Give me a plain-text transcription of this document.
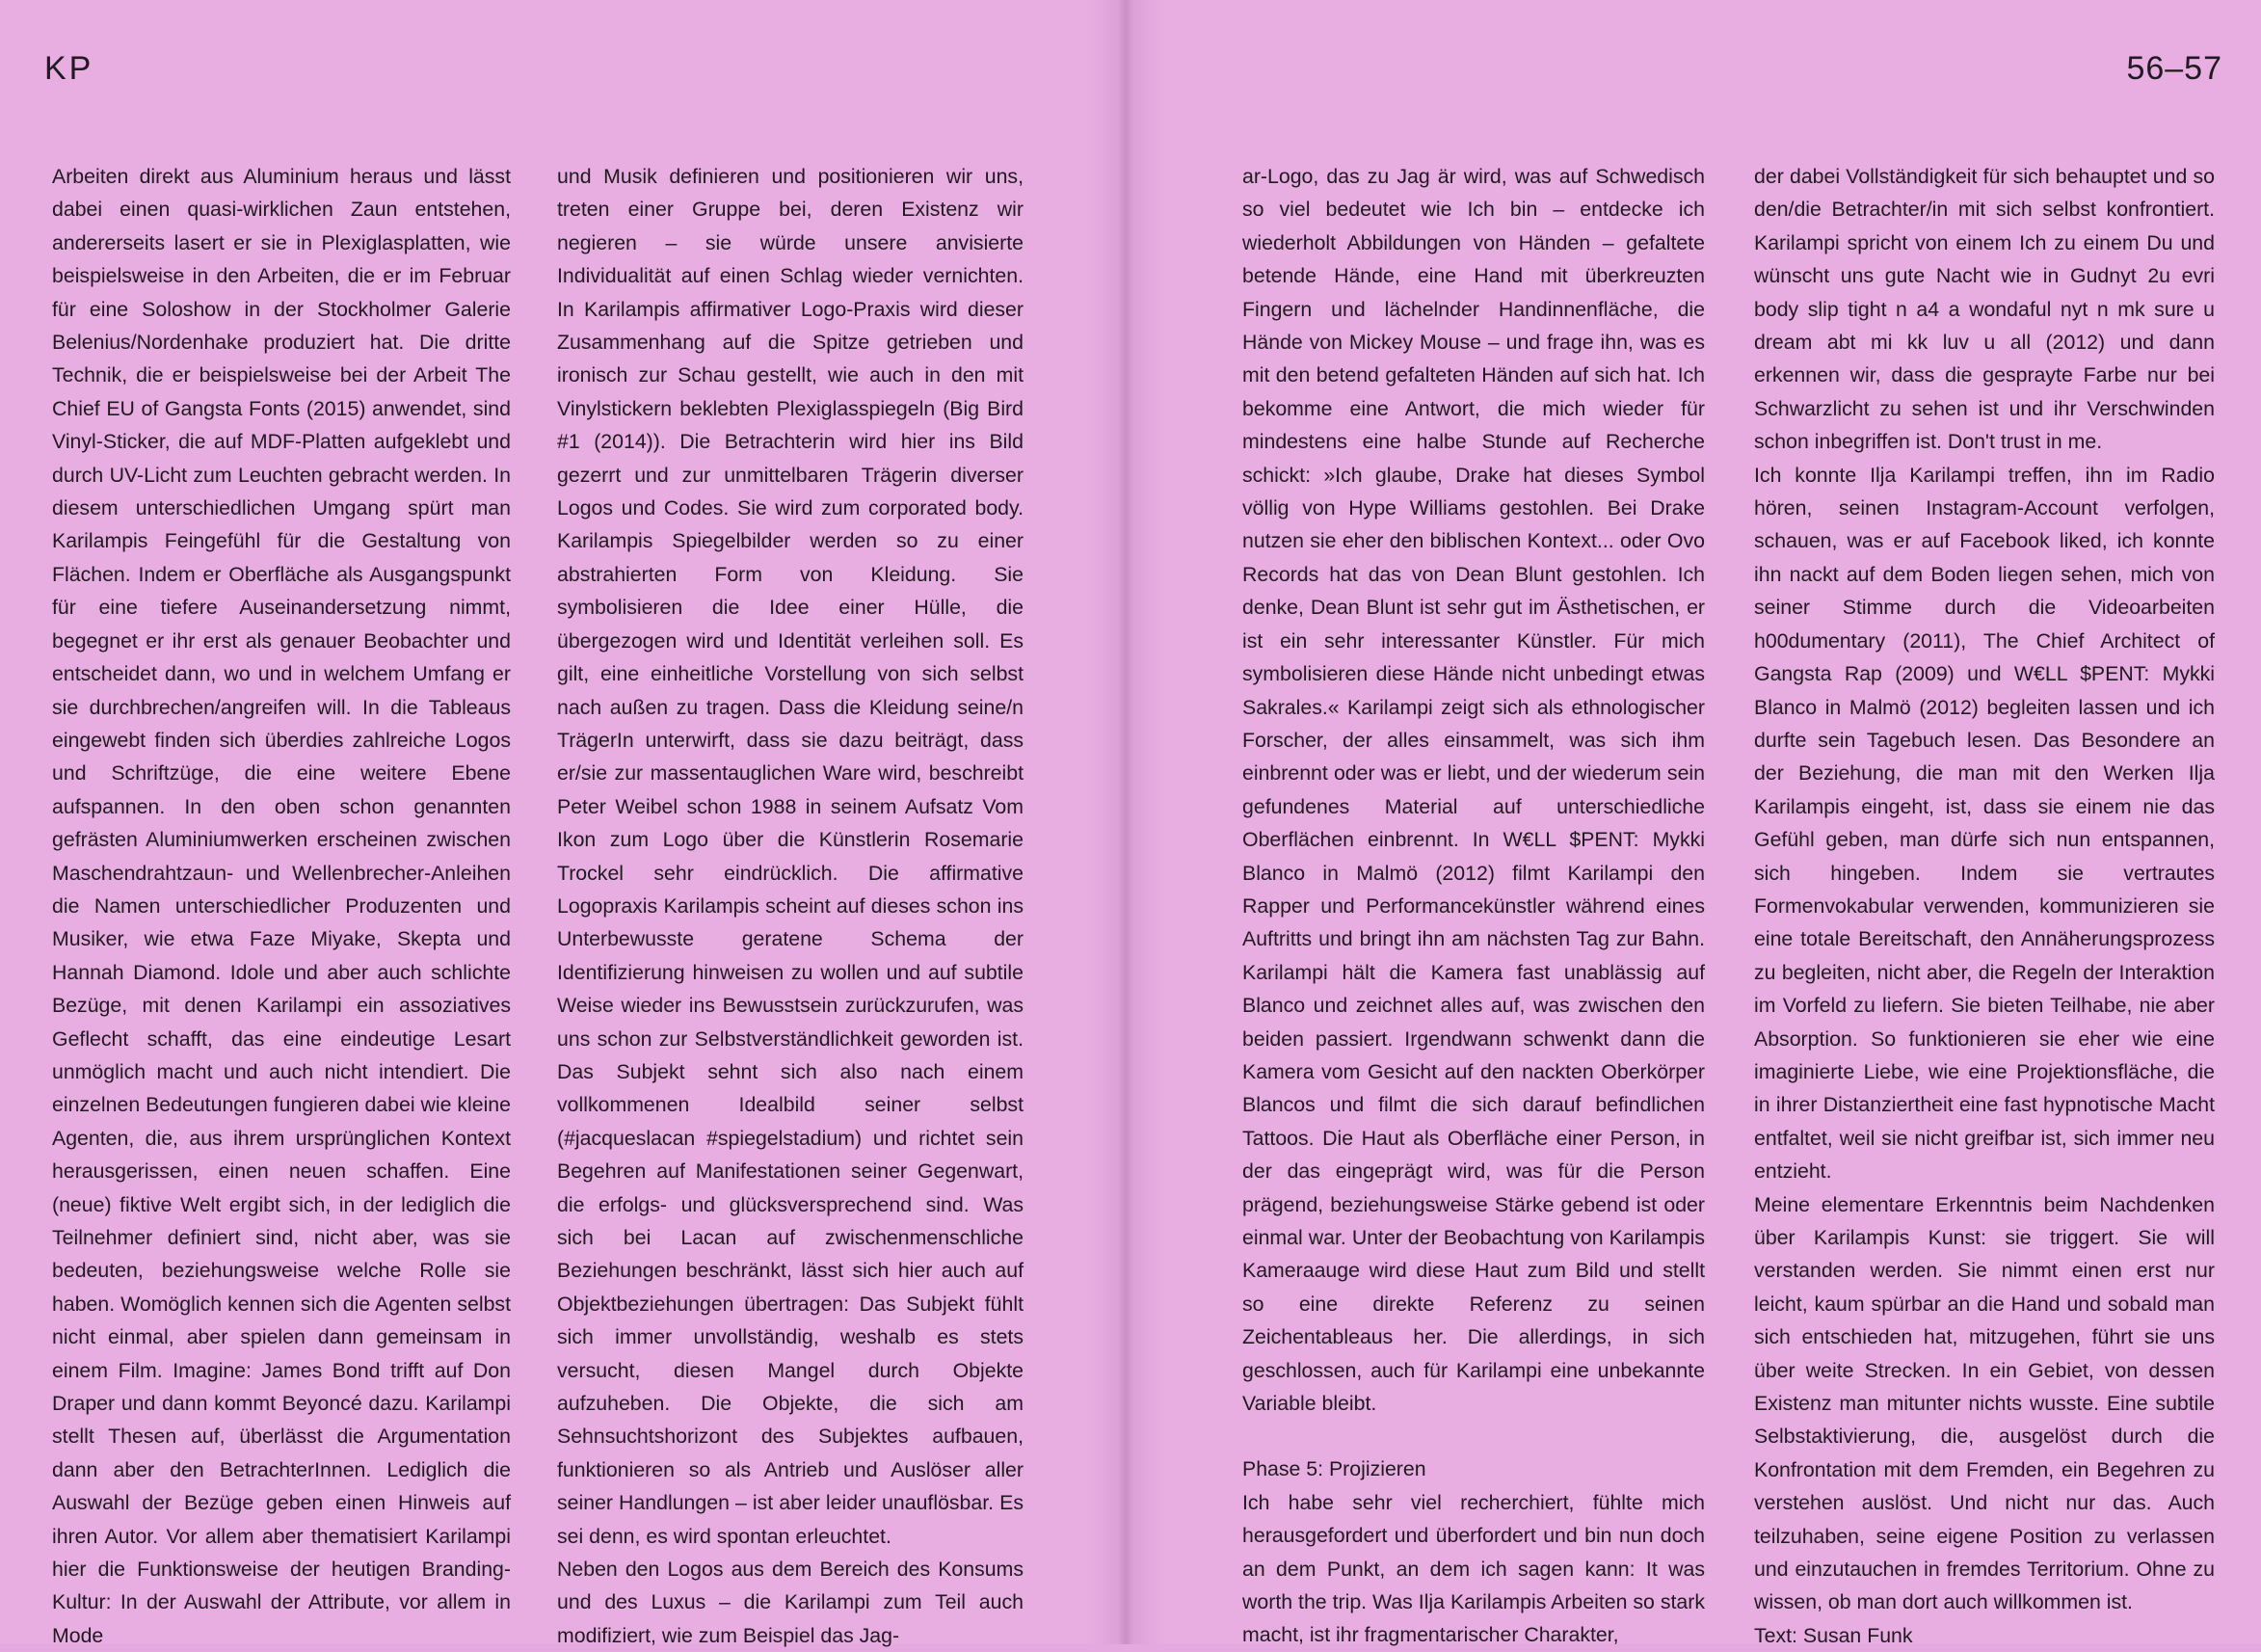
KP	56–57

Arbeiten direkt aus Aluminium heraus und lässt dabei einen quasi-wirklichen Zaun entstehen, andererseits lasert er sie in Plexiglasplatten, wie beispielsweise in den Arbeiten, die er im Februar für eine Soloshow in der Stockholmer Galerie Belenius/Nordenhake produziert hat. Die dritte Technik, die er beispielsweise bei der Arbeit The Chief EU of Gangsta Fonts (2015) anwendet, sind Vinyl-Sticker, die auf MDF-Platten aufgeklebt und durch UV-Licht zum Leuchten gebracht werden. In diesem unterschiedlichen Umgang spürt man Karilampis Feingefühl für die Gestaltung von Flächen. Indem er Oberfläche als Ausgangspunkt für eine tiefere Auseinandersetzung nimmt, begegnet er ihr erst als genauer Beobachter und entscheidet dann, wo und in welchem Umfang er sie durchbrechen/angreifen will. In die Tableaus eingewebt finden sich überdies zahlreiche Logos und Schriftzüge, die eine weitere Ebene aufspannen. In den oben schon genannten gefrästen Aluminiumwerken erscheinen zwischen Maschendrahtzaun- und Wellenbrecher-Anleihen die Namen unterschiedlicher Produzenten und Musiker, wie etwa Faze Miyake, Skepta und Hannah Diamond. Idole und aber auch schlichte Bezüge, mit denen Karilampi ein assoziatives Geflecht schafft, das eine eindeutige Lesart unmöglich macht und auch nicht intendiert. Die einzelnen Bedeutungen fungieren dabei wie kleine Agenten, die, aus ihrem ursprünglichen Kontext herausgerissen, einen neuen schaffen. Eine (neue) fiktive Welt ergibt sich, in der lediglich die Teilnehmer definiert sind, nicht aber, was sie bedeuten, beziehungsweise welche Rolle sie haben. Womöglich kennen sich die Agenten selbst nicht einmal, aber spielen dann gemeinsam in einem Film. Imagine: James Bond trifft auf Don Draper und dann kommt Beyoncé dazu. Karilampi stellt Thesen auf, überlässt die Argumentation dann aber den BetrachterInnen. Lediglich die Auswahl der Bezüge geben einen Hinweis auf ihren Autor. Vor allem aber thematisiert Karilampi hier die Funktionsweise der heutigen Branding-Kultur: In der Auswahl der Attribute, vor allem in Mode

und Musik definieren und positionieren wir uns, treten einer Gruppe bei, deren Existenz wir negieren – sie würde unsere anvisierte Individualität auf einen Schlag wieder vernichten. In Karilampis affirmativer Logo-Praxis wird dieser Zusammenhang auf die Spitze getrieben und ironisch zur Schau gestellt, wie auch in den mit Vinylstickern beklebten Plexiglasspiegeln (Big Bird #1 (2014)). Die Betrachterin wird hier ins Bild gezerrt und zur unmittelbaren Trägerin diverser Logos und Codes. Sie wird zum corporated body. Karilampis Spiegelbilder werden so zu einer abstrahierten Form von Kleidung. Sie symbolisieren die Idee einer Hülle, die übergezogen wird und Identität verleihen soll. Es gilt, eine einheitliche Vorstellung von sich selbst nach außen zu tragen. Dass die Kleidung seine/n TrägerIn unterwirft, dass sie dazu beiträgt, dass er/sie zur massentauglichen Ware wird, beschreibt Peter Weibel schon 1988 in seinem Aufsatz Vom Ikon zum Logo über die Künstlerin Rosemarie Trockel sehr eindrücklich. Die affirmative Logopraxis Karilampis scheint auf dieses schon ins Unterbewusste geratene Schema der Identifizierung hinweisen zu wollen und auf subtile Weise wieder ins Bewusstsein zurückzurufen, was uns schon zur Selbstverständlichkeit geworden ist. Das Subjekt sehnt sich also nach einem vollkommenen Idealbild seiner selbst (#jacqueslacan #spiegelstadium) und richtet sein Begehren auf Manifestationen seiner Gegenwart, die erfolgs- und glücksversprechend sind. Was sich bei Lacan auf zwischenmenschliche Beziehungen beschränkt, lässt sich hier auch auf Objektbeziehungen übertragen: Das Subjekt fühlt sich immer unvollständig, weshalb es stets versucht, diesen Mangel durch Objekte aufzuheben. Die Objekte, die sich am Sehnsuchtshorizont des Subjektes aufbauen, funktionieren so als Antrieb und Auslöser aller seiner Handlungen – ist aber leider unauflösbar. Es sei denn, es wird spontan erleuchtet.

Neben den Logos aus dem Bereich des Konsums und des Luxus – die Karilampi zum Teil auch modifiziert, wie zum Beispiel das Jag-

ar-Logo, das zu Jag är wird, was auf Schwedisch so viel bedeutet wie Ich bin – entdecke ich wiederholt Abbildungen von Händen – gefaltete betende Hände, eine Hand mit überkreuzten Fingern und lächelnder Handinnenfläche, die Hände von Mickey Mouse – und frage ihn, was es mit den betend gefalteten Händen auf sich hat. Ich bekomme eine Antwort, die mich wieder für mindestens eine halbe Stunde auf Recherche schickt: »Ich glaube, Drake hat dieses Symbol völlig von Hype Williams gestohlen. Bei Drake nutzen sie eher den biblischen Kontext... oder Ovo Records hat das von Dean Blunt gestohlen. Ich denke, Dean Blunt ist sehr gut im Ästhetischen, er ist ein sehr interessanter Künstler. Für mich symbolisieren diese Hände nicht unbedingt etwas Sakrales.« Karilampi zeigt sich als ethnologischer Forscher, der alles einsammelt, was sich ihm einbrennt oder was er liebt, und der wiederum sein gefundenes Material auf unterschiedliche Oberflächen einbrennt. In W€LL $PENT: Mykki Blanco in Malmö (2012) filmt Karilampi den Rapper und Performancekünstler während eines Auftritts und bringt ihn am nächsten Tag zur Bahn. Karilampi hält die Kamera fast unablässig auf Blanco und zeichnet alles auf, was zwischen den beiden passiert. Irgendwann schwenkt dann die Kamera vom Gesicht auf den nackten Oberkörper Blancos und filmt die sich darauf befindlichen Tattoos. Die Haut als Oberfläche einer Person, in der das eingeprägt wird, was für die Person prägend, beziehungsweise Stärke gebend ist oder einmal war. Unter der Beobachtung von Karilampis Kameraauge wird diese Haut zum Bild und stellt so eine direkte Referenz zu seinen Zeichentableaus her. Die allerdings, in sich geschlossen, auch für Karilampi eine unbekannte Variable bleibt.

Phase 5: Projizieren

Ich habe sehr viel recherchiert, fühlte mich herausgefordert und überfordert und bin nun doch an dem Punkt, an dem ich sagen kann: It was worth the trip. Was Ilja Karilampis Arbeiten so stark macht, ist ihr fragmentarischer Charakter,

der dabei Vollständigkeit für sich behauptet und so den/die Betrachter/in mit sich selbst konfrontiert. Karilampi spricht von einem Ich zu einem Du und wünscht uns gute Nacht wie in Gudnyt 2u evri body slip tight n a4 a wondaful nyt n mk sure u dream abt mi kk luv u all (2012) und dann erkennen wir, dass die gesprayte Farbe nur bei Schwarzlicht zu sehen ist und ihr Verschwinden schon inbegriffen ist. Don't trust in me.

Ich konnte Ilja Karilampi treffen, ihn im Radio hören, seinen Instagram-Account verfolgen, schauen, was er auf Facebook liked, ich konnte ihn nackt auf dem Boden liegen sehen, mich von seiner Stimme durch die Videoarbeiten h00dumentary (2011), The Chief Architect of Gangsta Rap (2009) und W€LL $PENT: Mykki Blanco in Malmö (2012) begleiten lassen und ich durfte sein Tagebuch lesen. Das Besondere an der Beziehung, die man mit den Werken Ilja Karilampis eingeht, ist, dass sie einem nie das Gefühl geben, man dürfe sich nun entspannen, sich hingeben. Indem sie vertrautes Formenvokabular verwenden, kommunizieren sie eine totale Bereitschaft, den Annäherungsprozess zu begleiten, nicht aber, die Regeln der Interaktion im Vorfeld zu liefern. Sie bieten Teilhabe, nie aber Absorption. So funktionieren sie eher wie eine imaginierte Liebe, wie eine Projektionsfläche, die in ihrer Distanziertheit eine fast hypnotische Macht entfaltet, weil sie nicht greifbar ist, sich immer neu entzieht.

Meine elementare Erkenntnis beim Nachdenken über Karilampis Kunst: sie triggert. Sie will verstanden werden. Sie nimmt einen erst nur leicht, kaum spürbar an die Hand und sobald man sich entschieden hat, mitzugehen, führt sie uns über weite Strecken. In ein Gebiet, von dessen Existenz man mitunter nichts wusste. Eine subtile Selbstaktivierung, die, ausgelöst durch die Konfrontation mit dem Fremden, ein Begehren zu verstehen auslöst. Und nicht nur das. Auch teilzuhaben, seine eigene Position zu verlassen und einzutauchen in fremdes Territorium. Ohne zu wissen, ob man dort auch willkommen ist.

Text: Susan Funk
